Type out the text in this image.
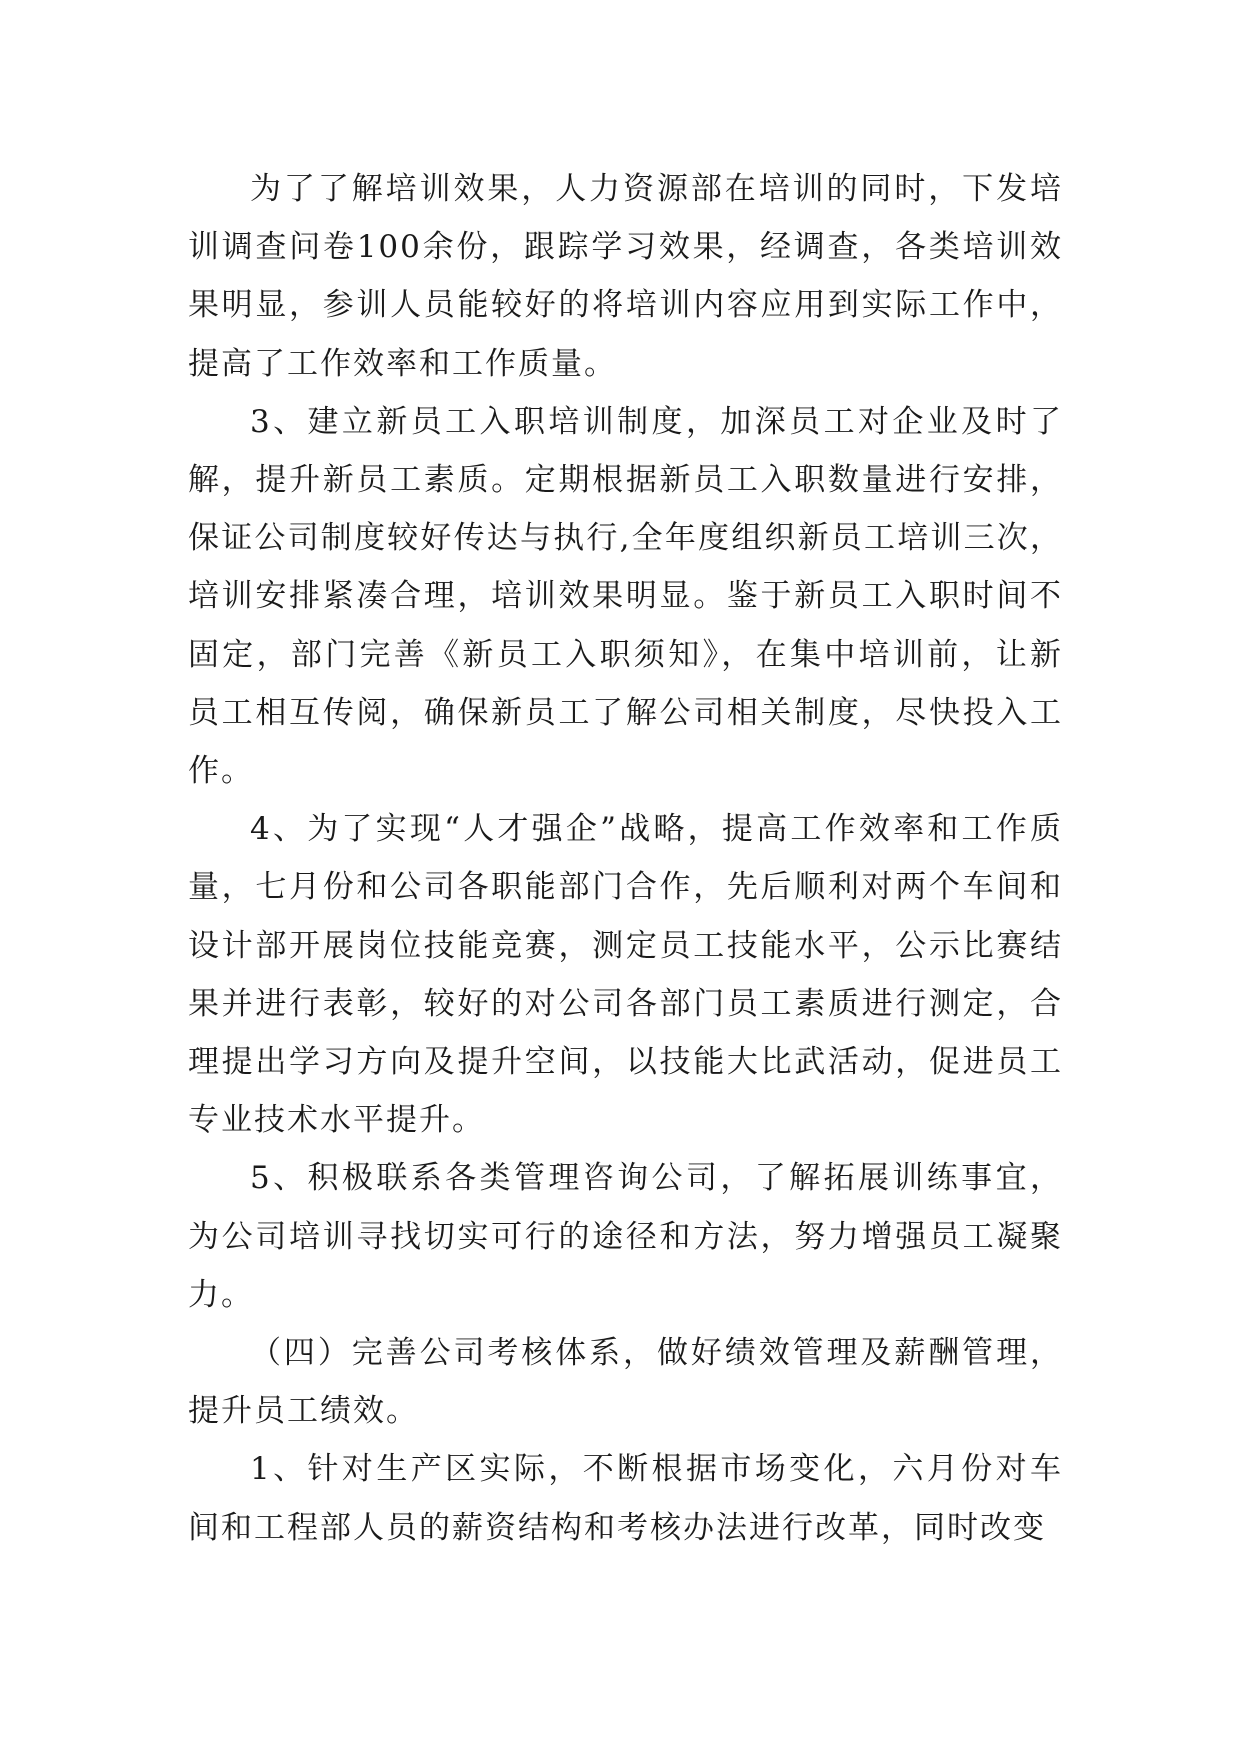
为了了解培训效果，人力资源部在培训的同时，下发培训调查问卷100余份，跟踪学习效果，经调查，各类培训效果明显，参训人员能较好的将培训内容应用到实际工作中，提高了工作效率和工作质量。

3、建立新员工入职培训制度，加深员工对企业及时了解，提升新员工素质。定期根据新员工入职数量进行安排，保证公司制度较好传达与执行,全年度组织新员工培训三次，培训安排紧凑合理，培训效果明显。鉴于新员工入职时间不固定，部门完善《新员工入职须知》，在集中培训前，让新员工相互传阅，确保新员工了解公司相关制度，尽快投入工作。

4、为了实现“人才强企”战略，提高工作效率和工作质量，七月份和公司各职能部门合作，先后顺利对两个车间和设计部开展岗位技能竞赛，测定员工技能水平，公示比赛结果并进行表彰，较好的对公司各部门员工素质进行测定，合理提出学习方向及提升空间，以技能大比武活动，促进员工专业技术水平提升。

5、积极联系各类管理咨询公司，了解拓展训练事宜，为公司培训寻找切实可行的途径和方法，努力增强员工凝聚力。

（四）完善公司考核体系，做好绩效管理及薪酬管理，提升员工绩效。

1、针对生产区实际，不断根据市场变化，六月份对车间和工程部人员的薪资结构和考核办法进行改革，同时改变
